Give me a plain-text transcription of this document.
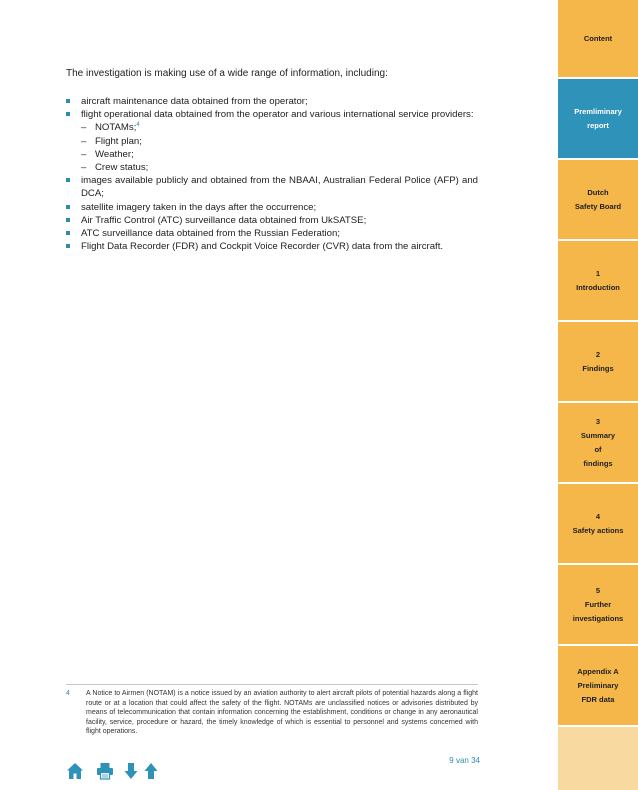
The investigation is making use of a wide range of information, including:

aircraft maintenance data obtained from the operator;
flight operational data obtained from the operator and various international service providers:
– NOTAMs;$^4$
– Flight plan;
– Weather;
– Crew status;
images available publicly and obtained from the NBAAI, Australian Federal Police (AFP) and DCA;
satellite imagery taken in the days after the occurrence;
Air Traffic Control (ATC) surveillance data obtained from UkSATSE;
ATC surveillance data obtained from the Russian Federation;
Flight Data Recorder (FDR) and Cockpit Voice Recorder (CVR) data from the aircraft.
4 A Notice to Airmen (NOTAM) is a notice issued by an aviation authority to alert aircraft pilots of potential hazards along a flight route or at a location that could affect the safety of the flight. NOTAMs are unclassified notices or advisories distributed by means of telecommunication that contain information concerning the establishment, conditions or change in any aeronautical facility, service, procedure or hazard, the timely knowledge of which is essential to personnel and systems concerned with flight operations.
9 van 34
Content
Premliminary
report
Dutch
Safety Board
1
Introduction
2
Findings
3
Summary
of
findings
4
Safety actions
5
Further
investigations
Appendix A
Preliminary
FDR data
